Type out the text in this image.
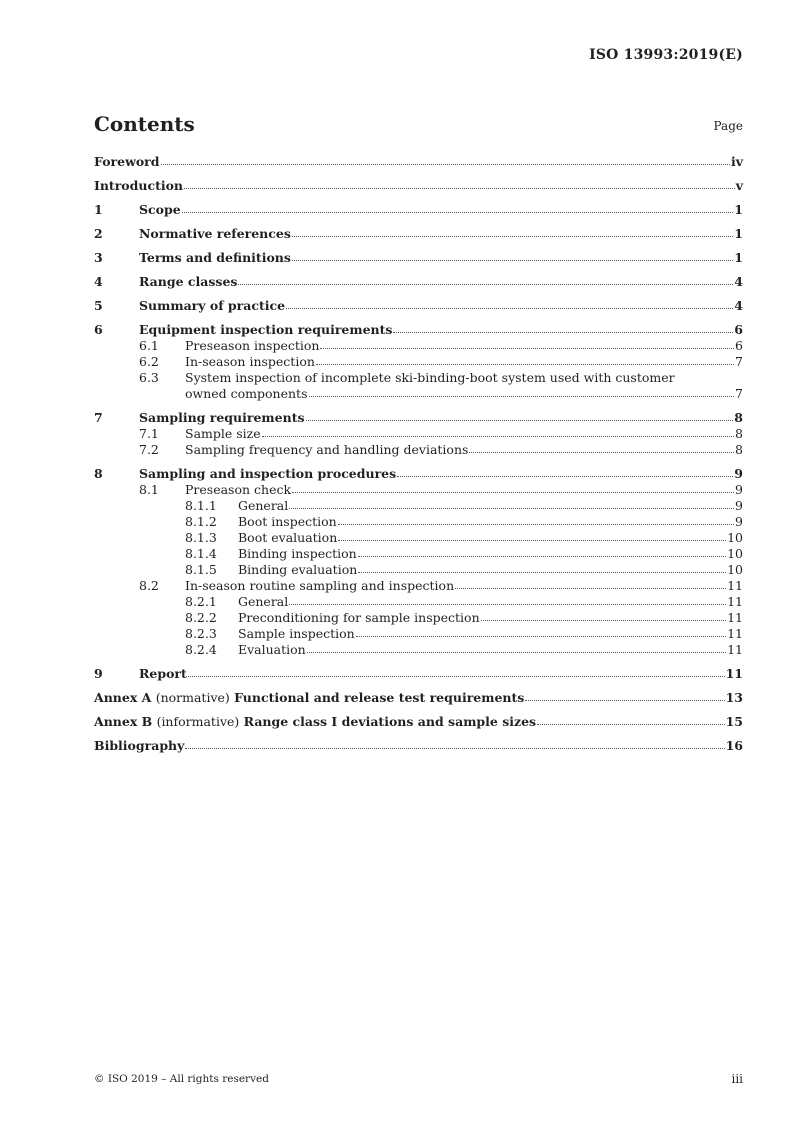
ISO 13993:2019(E)
Contents	Page
Foreword	iv
Introduction	v
1	Scope	1
2	Normative references	1
3	Terms and definitions	1
4	Range classes	4
5	Summary of practice	4
6	Equipment inspection requirements	6
6.1	Preseason inspection	6
6.2	In-season inspection	7
6.3 System inspection of incomplete ski-binding-boot system used with customer
owned components	7
7	Sampling requirements	8
7.1	Sample size	8
7.2	Sampling frequency and handling deviations	8
8	Sampling and inspection procedures	9
8.1	Preseason check	9
8.1.1	General	9
8.1.2	Boot inspection	9
8.1.3	Boot evaluation	10
8.1.4	Binding inspection	10
8.1.5	Binding evaluation	10
8.2	In-season routine sampling and inspection	11
8.2.1	General	11
8.2.2	Preconditioning for sample inspection	11
8.2.3	Sample inspection	11
8.2.4	Evaluation	11
9	Report	11
Annex A (normative) Functional and release test requirements	13
Annex B (informative) Range class I deviations and sample sizes	15
Bibliography	16
© ISO 2019 – All rights reserved	iii
